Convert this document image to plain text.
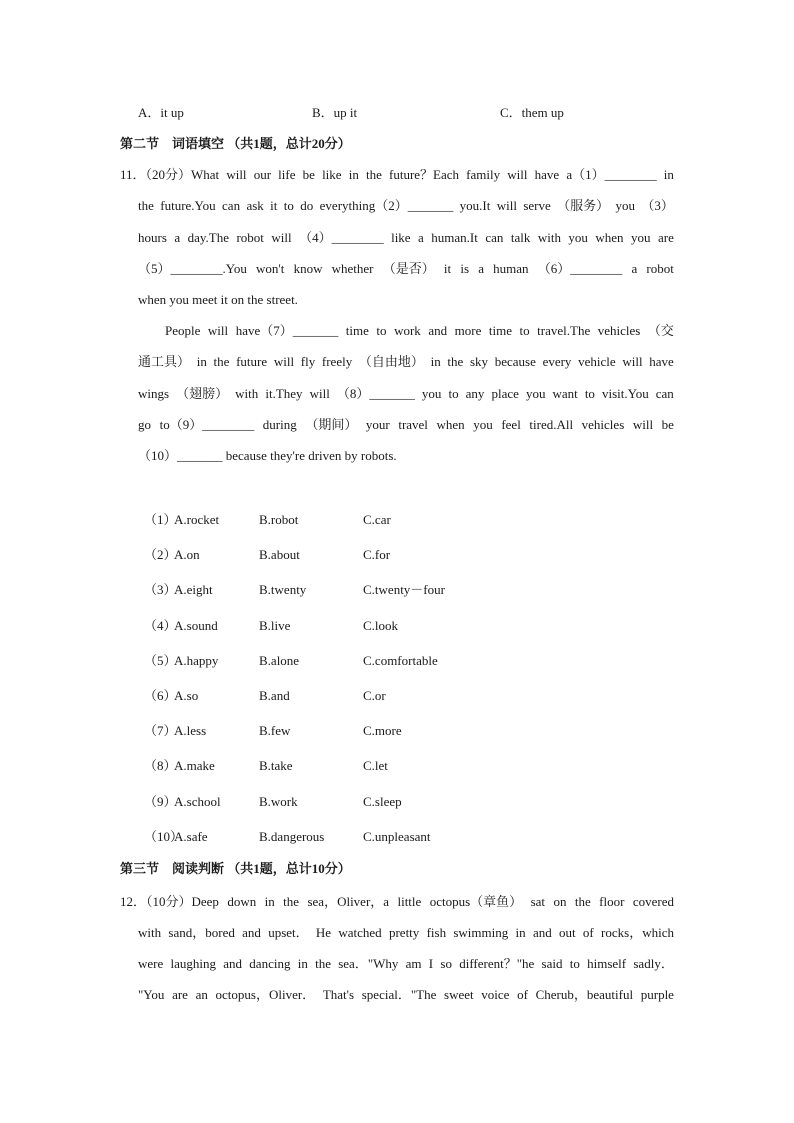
A．it up	B．up it	C．them up
第二节　词语填空 （共1题，总计20分）
11．（20分）What will our life be like in the future？Each family will have a（1）________ in
the future.You can ask it to do everything（2）_______ you.It will serve （服务） you （3）
hours a day.The robot will （4）________ like a human.It can talk with you when you are
（5）________.You won't know whether （是否） it is a human （6）________ a robot
when you meet it on the street.
People will have（7）_______ time to work and more time to travel.The vehicles （交
通工具） in the future will fly freely （自由地） in the sky because every vehicle will have
wings （翅膀） with it.They will （8）_______ you to any place you want to visit.You can
go to（9）________ during （期间） your travel when you feel tired.All vehicles will be
（10）_______ because they're driven by robots.
（1）
A.rocket	B.robot	C.car
（2）
A.on	B.about	C.for
（3）
A.eight	B.twenty	C.twenty－four
（4）
A.sound	B.live	C.look
（5）
A.happy	B.alone	C.comfortable
（6）
A.so	B.and	C.or
（7）
A.less	B.few	C.more
（8）
A.make	B.take	C.let
（9）
A.school	B.work	C.sleep
（10）
A.safe	B.dangerous	C.unpleasant
第三节　阅读判断 （共1题，总计10分）
12．（10分）Deep down in the sea，Oliver，a little octopus（章鱼） sat on the floor covered
with sand，bored and upset． He watched pretty fish swimming in and out of rocks，which
were laughing and dancing in the sea．"Why am I so different？"he said to himself sadly．
"You are an octopus，Oliver． That's special．"The sweet voice of Cherub，beautiful purple
